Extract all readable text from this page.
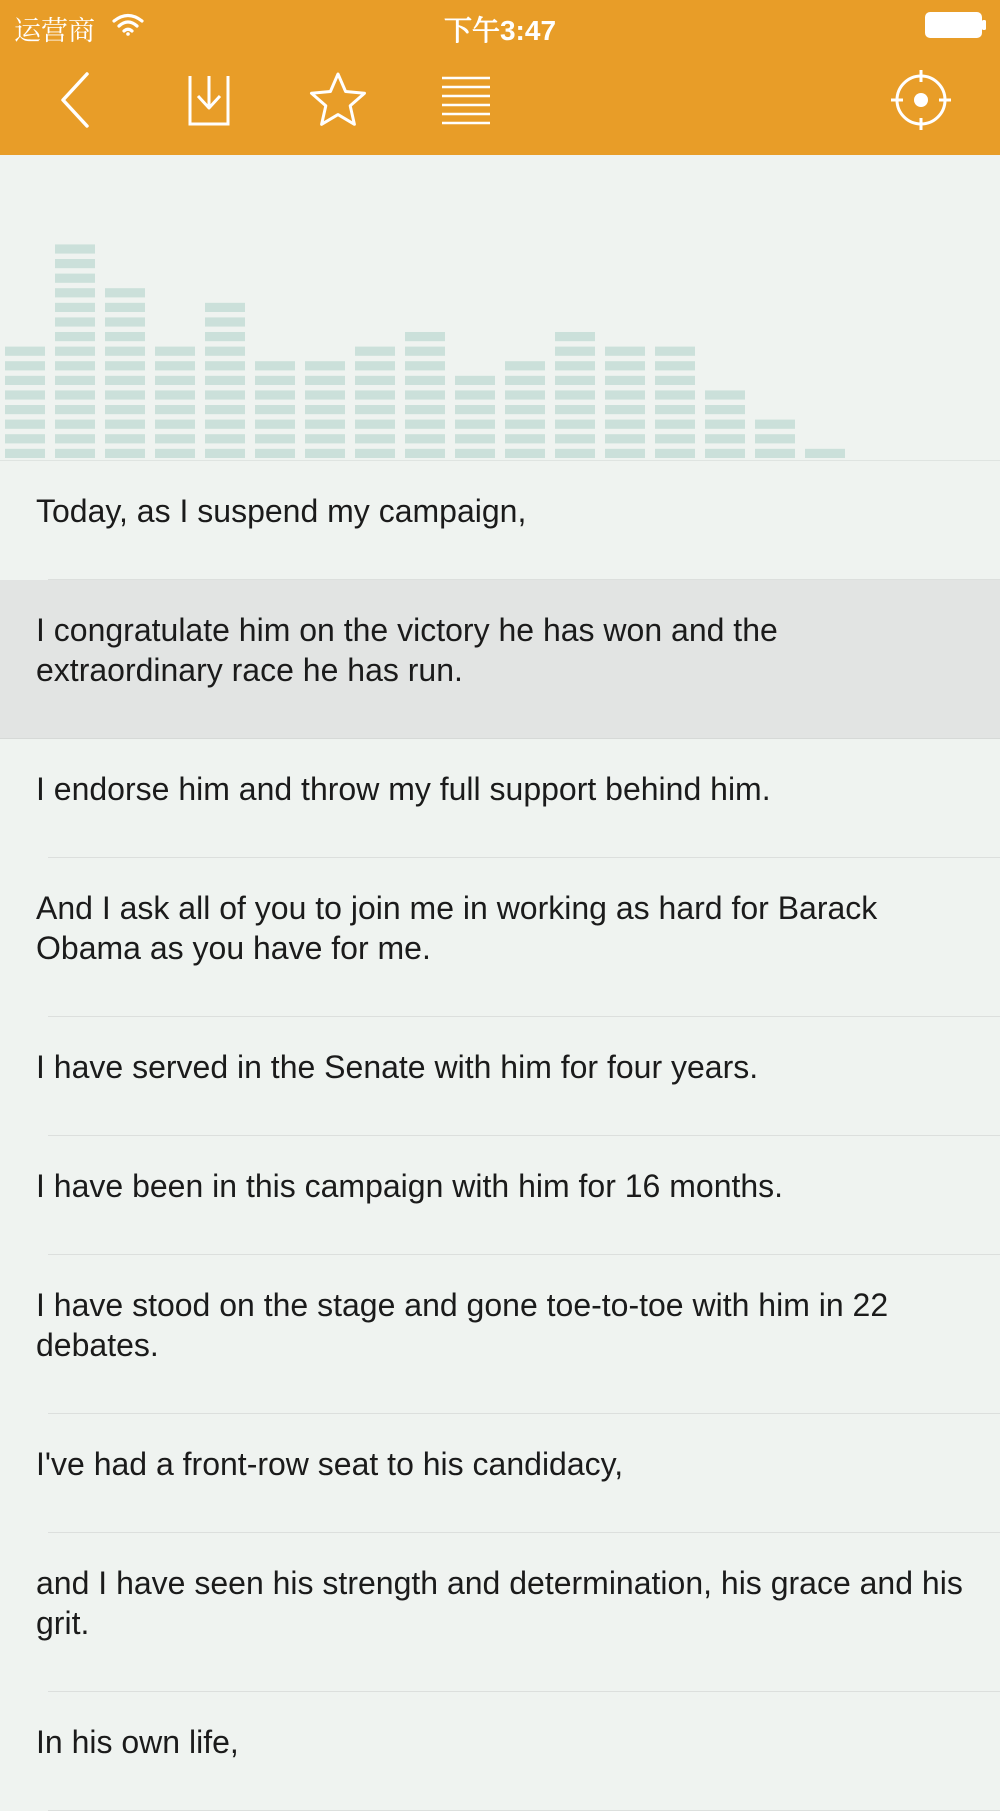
运营商	下午3:47
Today, as I suspend my campaign,
I congratulate him on the victory he has won and the extraordinary race he has run.
I endorse him and throw my full support behind him.
And I ask all of you to join me in working as hard for Barack Obama as you have for me.
I have served in the Senate with him for four years.
I have been in this campaign with him for 16 months.
I have stood on the stage and gone toe-to-toe with him in 22 debates.
I've had a front-row seat to his candidacy,
and I have seen his strength and determination, his grace and his grit.
In his own life,
